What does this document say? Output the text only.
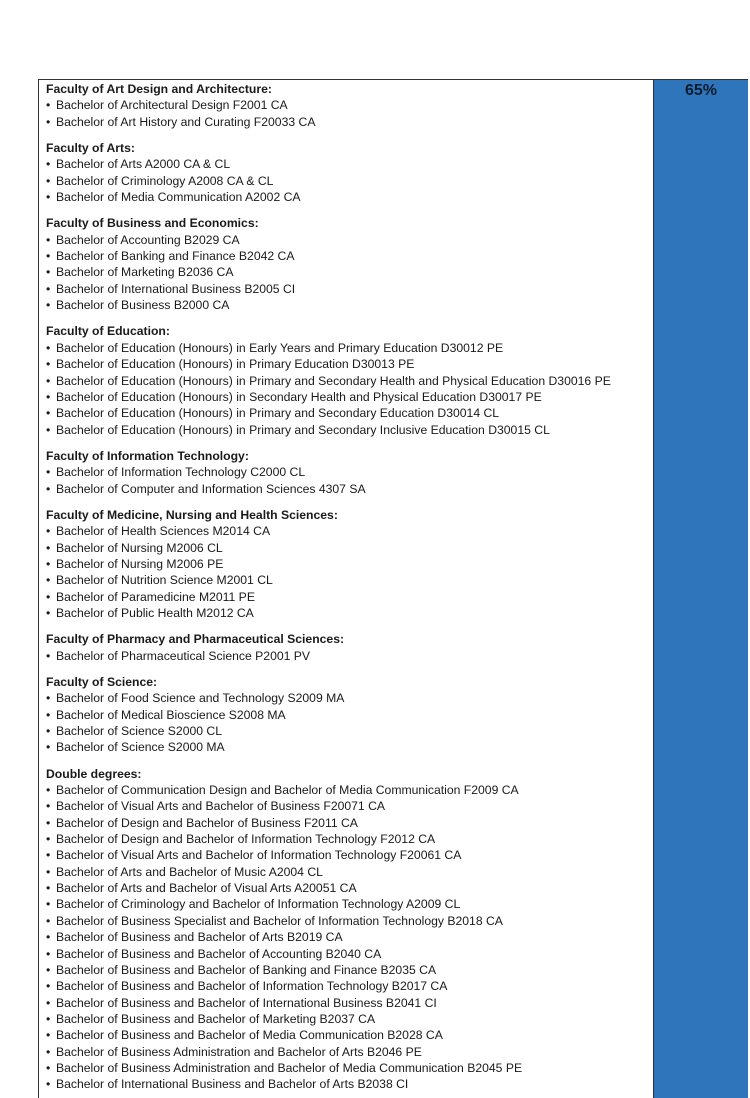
Faculty of Art Design and Architecture:
• Bachelor of Architectural Design F2001 CA
• Bachelor of Art History and Curating F20033 CA
Faculty of Arts:
• Bachelor of Arts A2000 CA & CL
• Bachelor of Criminology A2008 CA & CL
• Bachelor of Media Communication A2002 CA
Faculty of Business and Economics:
• Bachelor of Accounting B2029 CA
• Bachelor of Banking and Finance B2042 CA
• Bachelor of Marketing B2036 CA
• Bachelor of International Business B2005 CI
• Bachelor of Business B2000 CA
Faculty of Education:
• Bachelor of Education (Honours) in Early Years and Primary Education D30012 PE
• Bachelor of Education (Honours) in Primary Education D30013 PE
• Bachelor of Education (Honours) in Primary and Secondary Health and Physical Education D30016 PE
• Bachelor of Education (Honours) in Secondary Health and Physical Education D30017 PE
• Bachelor of Education (Honours) in Primary and Secondary Education D30014 CL
• Bachelor of Education (Honours) in Primary and Secondary Inclusive Education D30015 CL
Faculty of Information Technology:
• Bachelor of Information Technology C2000 CL
• Bachelor of Computer and Information Sciences 4307 SA
Faculty of Medicine, Nursing and Health Sciences:
• Bachelor of Health Sciences M2014 CA
• Bachelor of Nursing M2006 CL
• Bachelor of Nursing M2006 PE
• Bachelor of Nutrition Science M2001 CL
• Bachelor of Paramedicine M2011 PE
• Bachelor of Public Health M2012 CA
Faculty of Pharmacy and Pharmaceutical Sciences:
• Bachelor of Pharmaceutical Science P2001 PV
Faculty of Science:
• Bachelor of Food Science and Technology S2009 MA
• Bachelor of Medical Bioscience S2008 MA
• Bachelor of Science S2000 CL
• Bachelor of Science S2000 MA
Double degrees:
• Bachelor of Communication Design and Bachelor of Media Communication F2009 CA
• Bachelor of Visual Arts and Bachelor of Business F20071 CA
• Bachelor of Design and Bachelor of Business F2011 CA
• Bachelor of Design and Bachelor of Information Technology F2012 CA
• Bachelor of Visual Arts and Bachelor of Information Technology F20061 CA
• Bachelor of Arts and Bachelor of Music A2004 CL
• Bachelor of Arts and Bachelor of Visual Arts A20051 CA
• Bachelor of Criminology and Bachelor of Information Technology A2009 CL
• Bachelor of Business Specialist and Bachelor of Information Technology B2018 CA
• Bachelor of Business and Bachelor of Arts B2019 CA
• Bachelor of Business and Bachelor of Accounting B2040 CA
• Bachelor of Business and Bachelor of Banking and Finance B2035 CA
• Bachelor of Business and Bachelor of Information Technology B2017 CA
• Bachelor of Business and Bachelor of International Business B2041 CI
• Bachelor of Business and Bachelor of Marketing B2037 CA
• Bachelor of Business and Bachelor of Media Communication B2028 CA
• Bachelor of Business Administration and Bachelor of Arts B2046 PE
• Bachelor of Business Administration and Bachelor of Media Communication B2045 PE
• Bachelor of International Business and Bachelor of Arts B2038 CI
65%
